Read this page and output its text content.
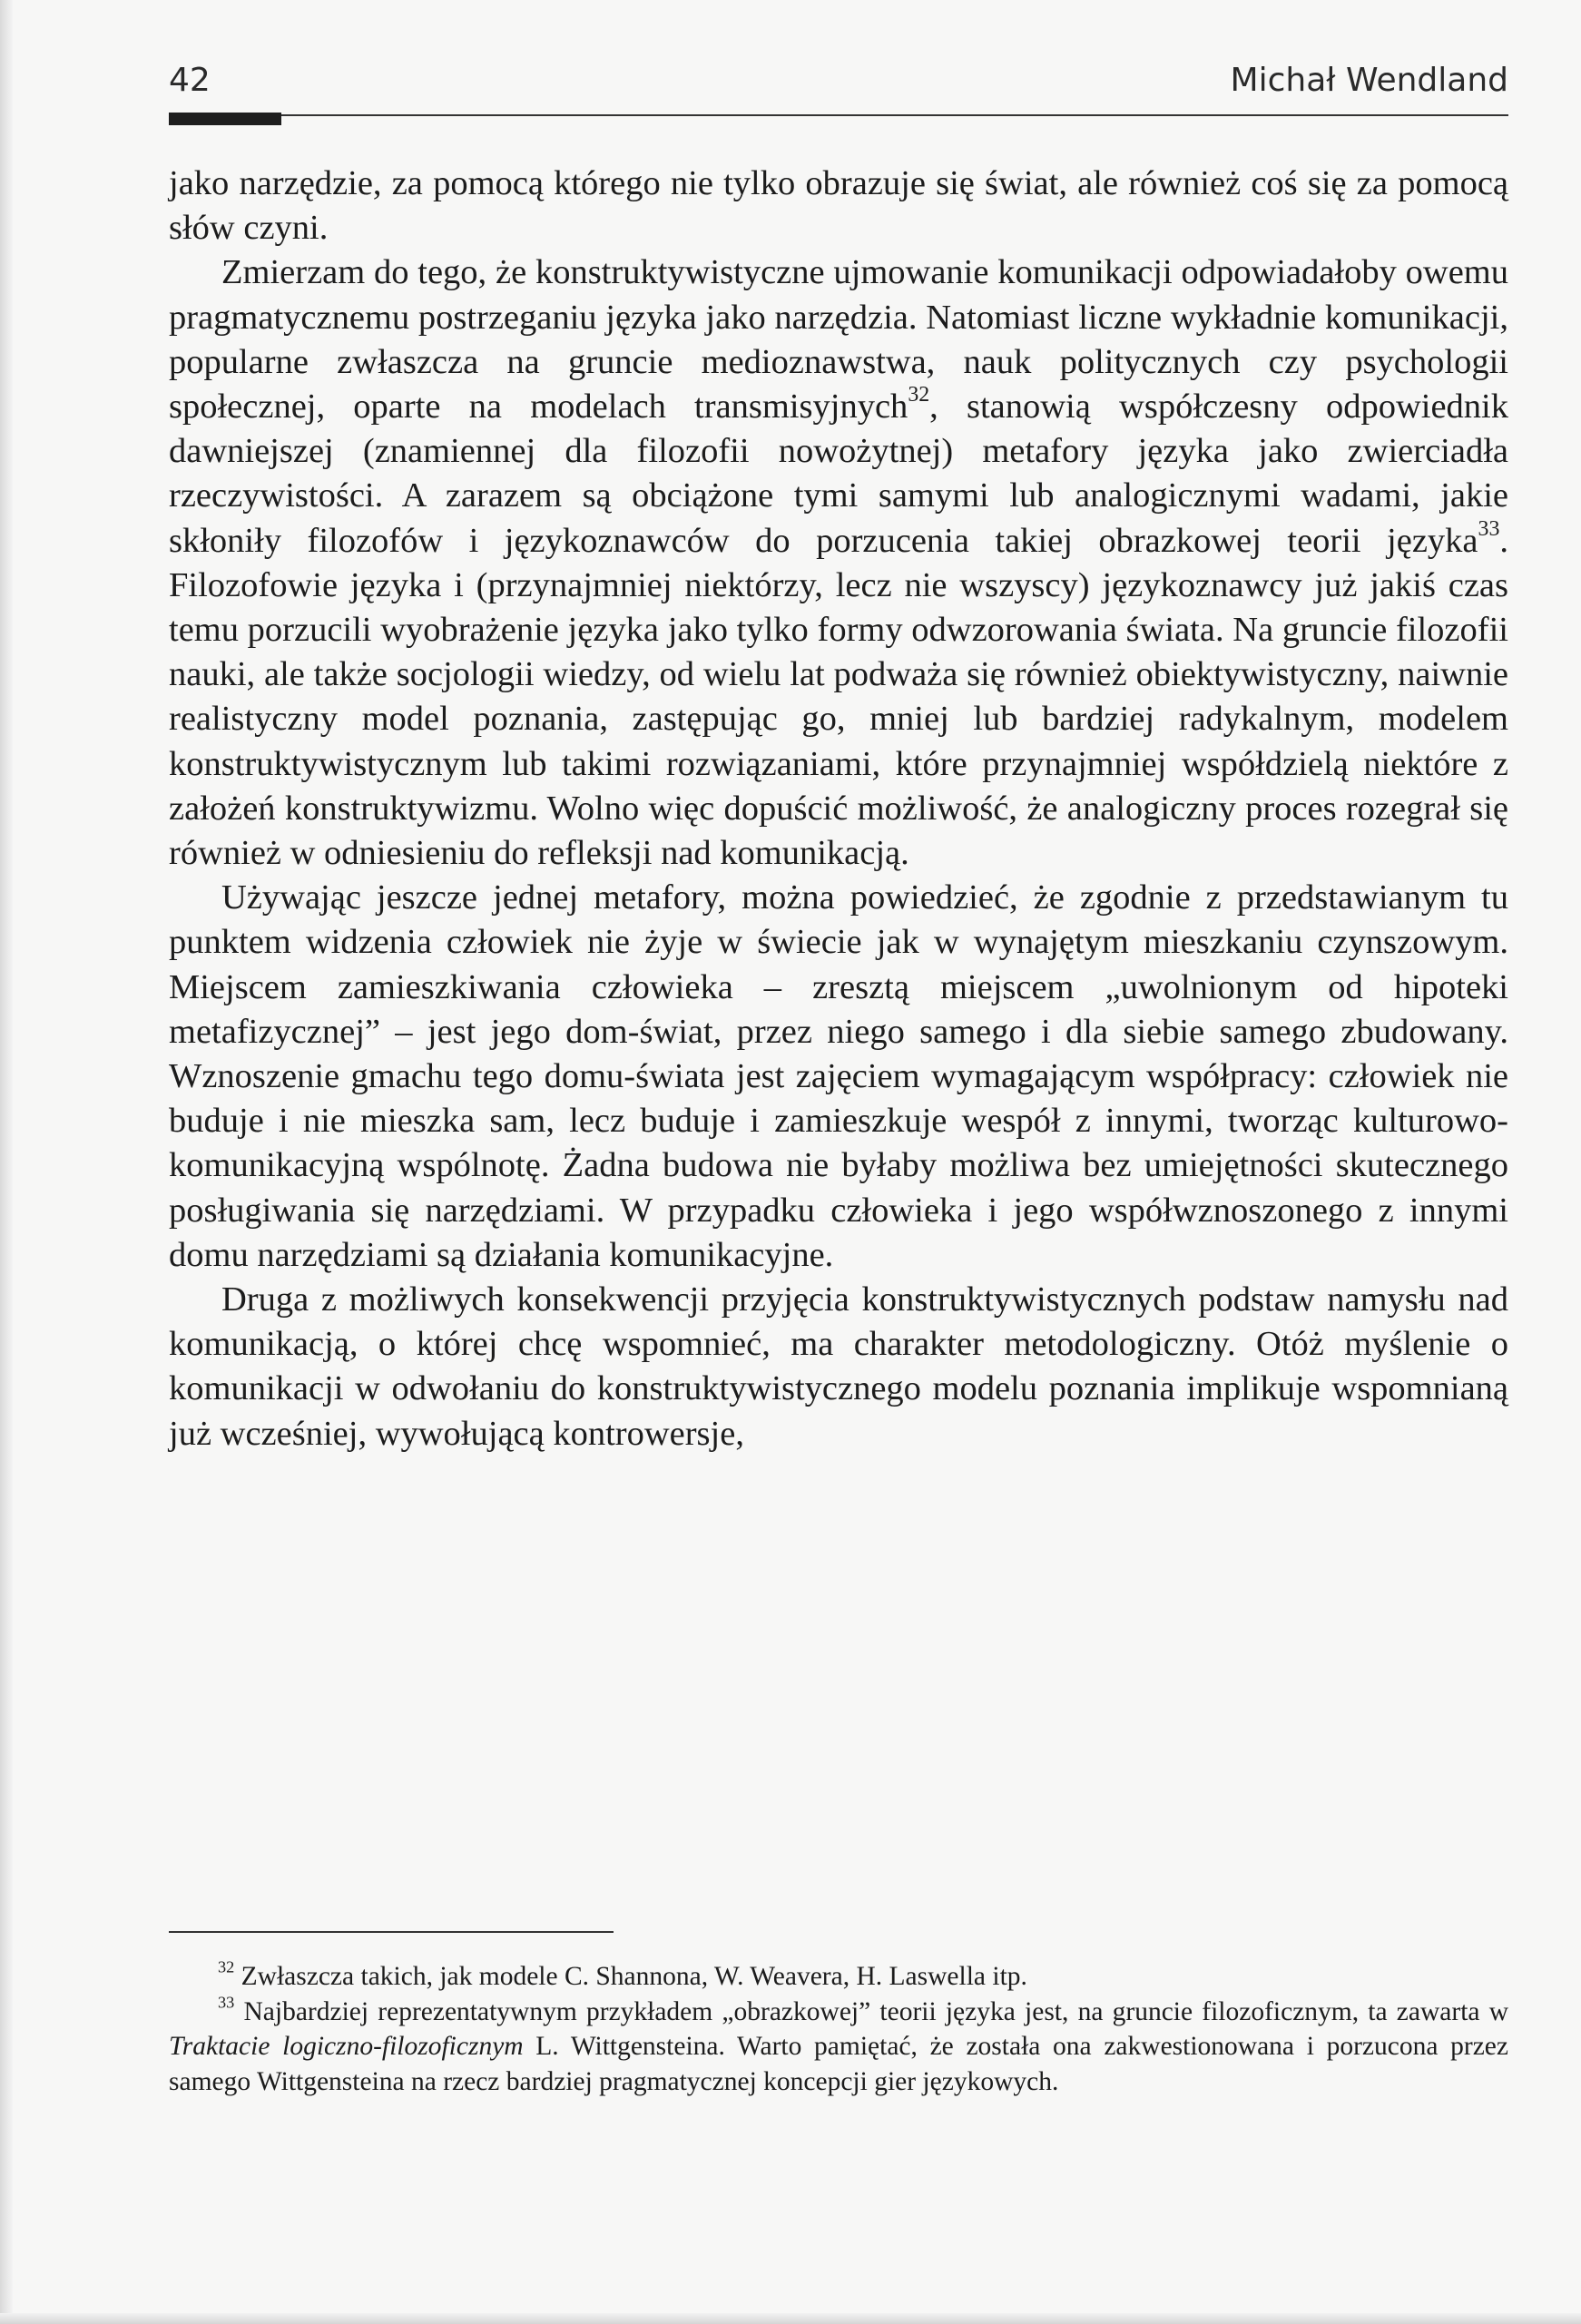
42	Michał Wendland

jako narzędzie, za pomocą którego nie tylko obrazuje się świat, ale również coś się za pomocą słów czyni.

Zmierzam do tego, że konstruktywistyczne ujmowanie komunikacji odpowiadałoby owemu pragmatycznemu postrzeganiu języka jako narzędzia. Natomiast liczne wykładnie komunikacji, popularne zwłaszcza na gruncie medioznawstwa, nauk politycznych czy psychologii społecznej, oparte na modelach transmisyjnych$^{32}$, stanowią współczesny odpowiednik dawniejszej (znamiennej dla filozofii nowożytnej) metafory języka jako zwierciadła rzeczywistości. A zarazem są obciążone tymi samymi lub analogicznymi wadami, jakie skłoniły filozofów i językoznawców do porzucenia takiej obrazkowej teorii języka$^{33}$. Filozofowie języka i (przynajmniej niektórzy, lecz nie wszyscy) językoznawcy już jakiś czas temu porzucili wyobrażenie języka jako tylko formy odwzorowania świata. Na gruncie filozofii nauki, ale także socjologii wiedzy, od wielu lat podważa się również obiektywistyczny, naiwnie realistyczny model poznania, zastępując go, mniej lub bardziej radykalnym, modelem konstruktywistycznym lub takimi rozwiązaniami, które przynajmniej współdzielą niektóre z założeń konstruktywizmu. Wolno więc dopuścić możliwość, że analogiczny proces rozegrał się również w odniesieniu do refleksji nad komunikacją.

Używając jeszcze jednej metafory, można powiedzieć, że zgodnie z przedstawianym tu punktem widzenia człowiek nie żyje w świecie jak w wynajętym mieszkaniu czynszowym. Miejscem zamieszkiwania człowieka – zresztą miejscem „uwolnionym od hipoteki metafizycznej” – jest jego dom-świat, przez niego samego i dla siebie samego zbudowany. Wznoszenie gmachu tego domu-świata jest zajęciem wymagającym współpracy: człowiek nie buduje i nie mieszka sam, lecz buduje i zamieszkuje wespół z innymi, tworząc kulturowo-komunikacyjną wspólnotę. Żadna budowa nie byłaby możliwa bez umiejętności skutecznego posługiwania się narzędziami. W przypadku człowieka i jego współwznoszonego z innymi domu narzędziami są działania komunikacyjne.

Druga z możliwych konsekwencji przyjęcia konstruktywistycznych podstaw namysłu nad komunikacją, o której chcę wspomnieć, ma charakter metodologiczny. Otóż myślenie o komunikacji w odwołaniu do konstruktywistycznego modelu poznania implikuje wspomnianą już wcześniej, wywołującą kontrowersje,

$^{32}$ Zwłaszcza takich, jak modele C. Shannona, W. Weavera, H. Laswella itp.

$^{33}$ Najbardziej reprezentatywnym przykładem „obrazkowej” teorii języka jest, na gruncie filozoficznym, ta zawarta w Traktacie logiczno-filozoficznym L. Wittgensteina. Warto pamiętać, że została ona zakwestionowana i porzucona przez samego Wittgensteina na rzecz bardziej pragmatycznej koncepcji gier językowych.
